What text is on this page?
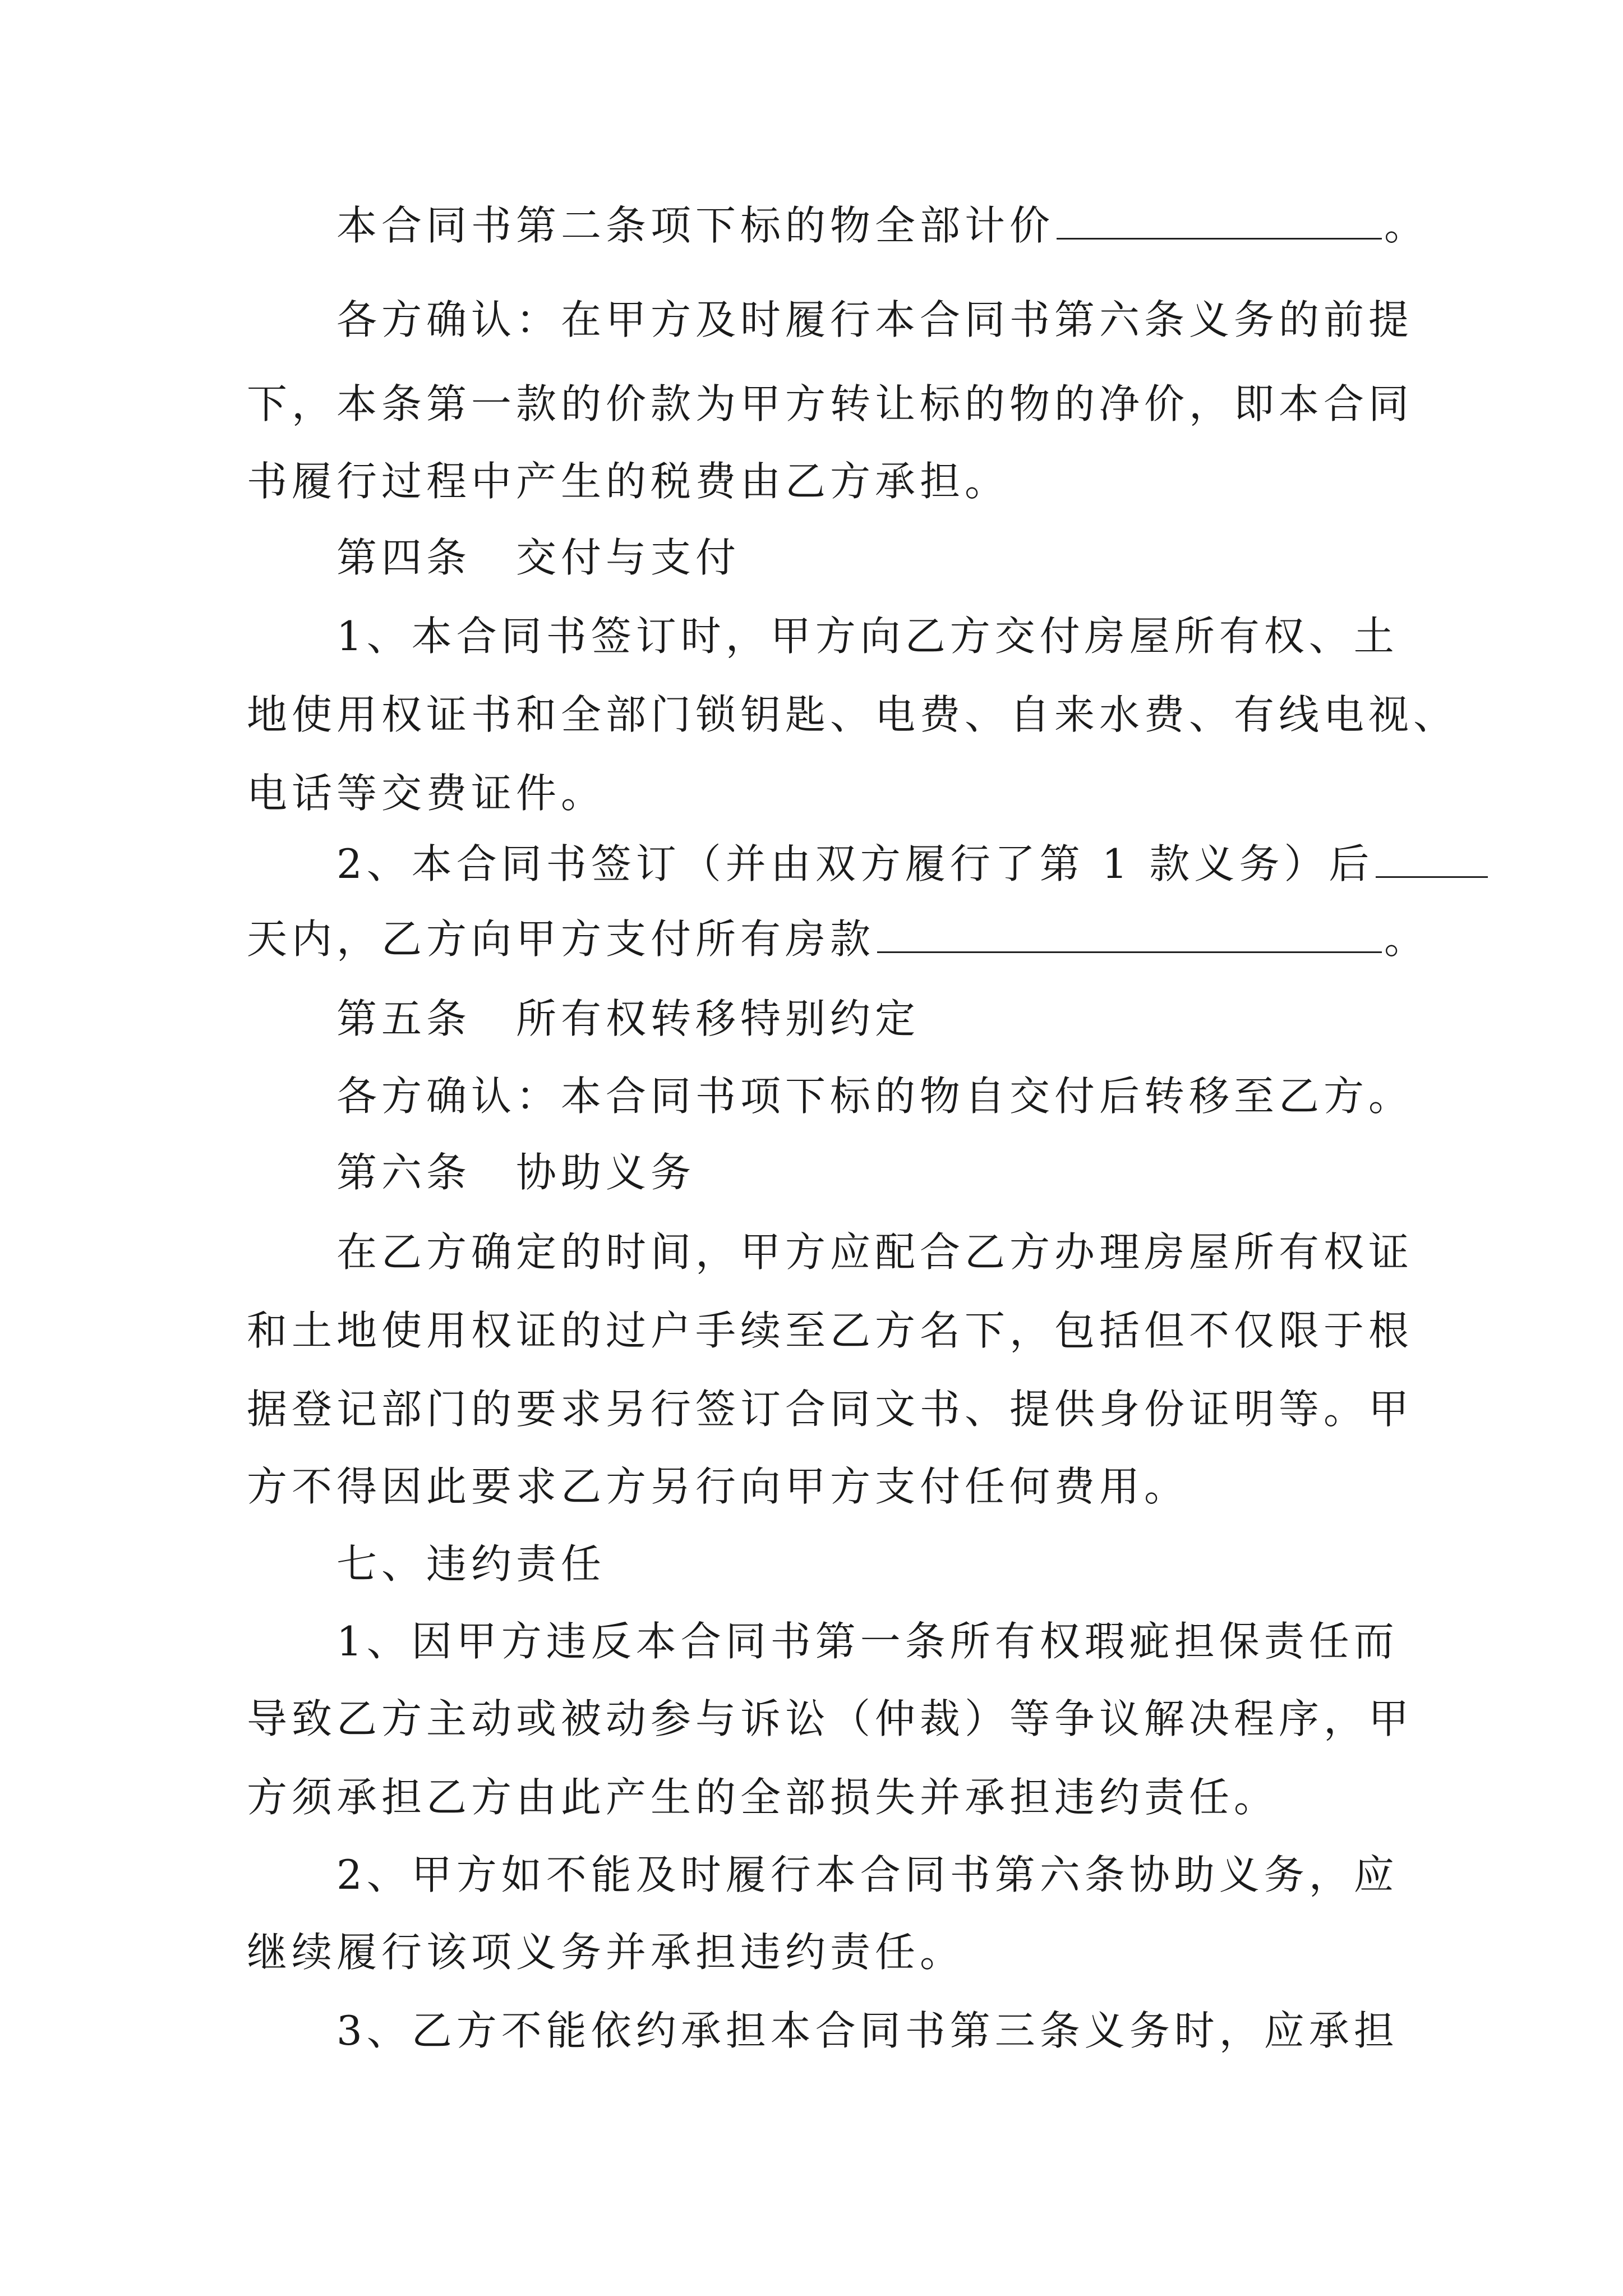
本合同书第二条项下标的物全部计价	。
各方确认：在甲方及时履行本合同书第六条义务的前提
下，本条第一款的价款为甲方转让标的物的净价，即本合同
书履行过程中产生的税费由乙方承担。
第四条　交付与支付
1、本合同书签订时，甲方向乙方交付房屋所有权、土
地使用权证书和全部门锁钥匙、电费、自来水费、有线电视、
电话等交费证件。
2、本合同书签订（并由双方履行了第 1 款义务）后
天内，乙方向甲方支付所有房款	。
第五条　所有权转移特别约定
各方确认：本合同书项下标的物自交付后转移至乙方。
第六条　协助义务
在乙方确定的时间，甲方应配合乙方办理房屋所有权证
和土地使用权证的过户手续至乙方名下，包括但不仅限于根
据登记部门的要求另行签订合同文书、提供身份证明等。甲
方不得因此要求乙方另行向甲方支付任何费用。
七、违约责任
1、因甲方违反本合同书第一条所有权瑕疵担保责任而
导致乙方主动或被动参与诉讼（仲裁）等争议解决程序，甲
方须承担乙方由此产生的全部损失并承担违约责任。
2、甲方如不能及时履行本合同书第六条协助义务，应
继续履行该项义务并承担违约责任。
3、乙方不能依约承担本合同书第三条义务时，应承担
